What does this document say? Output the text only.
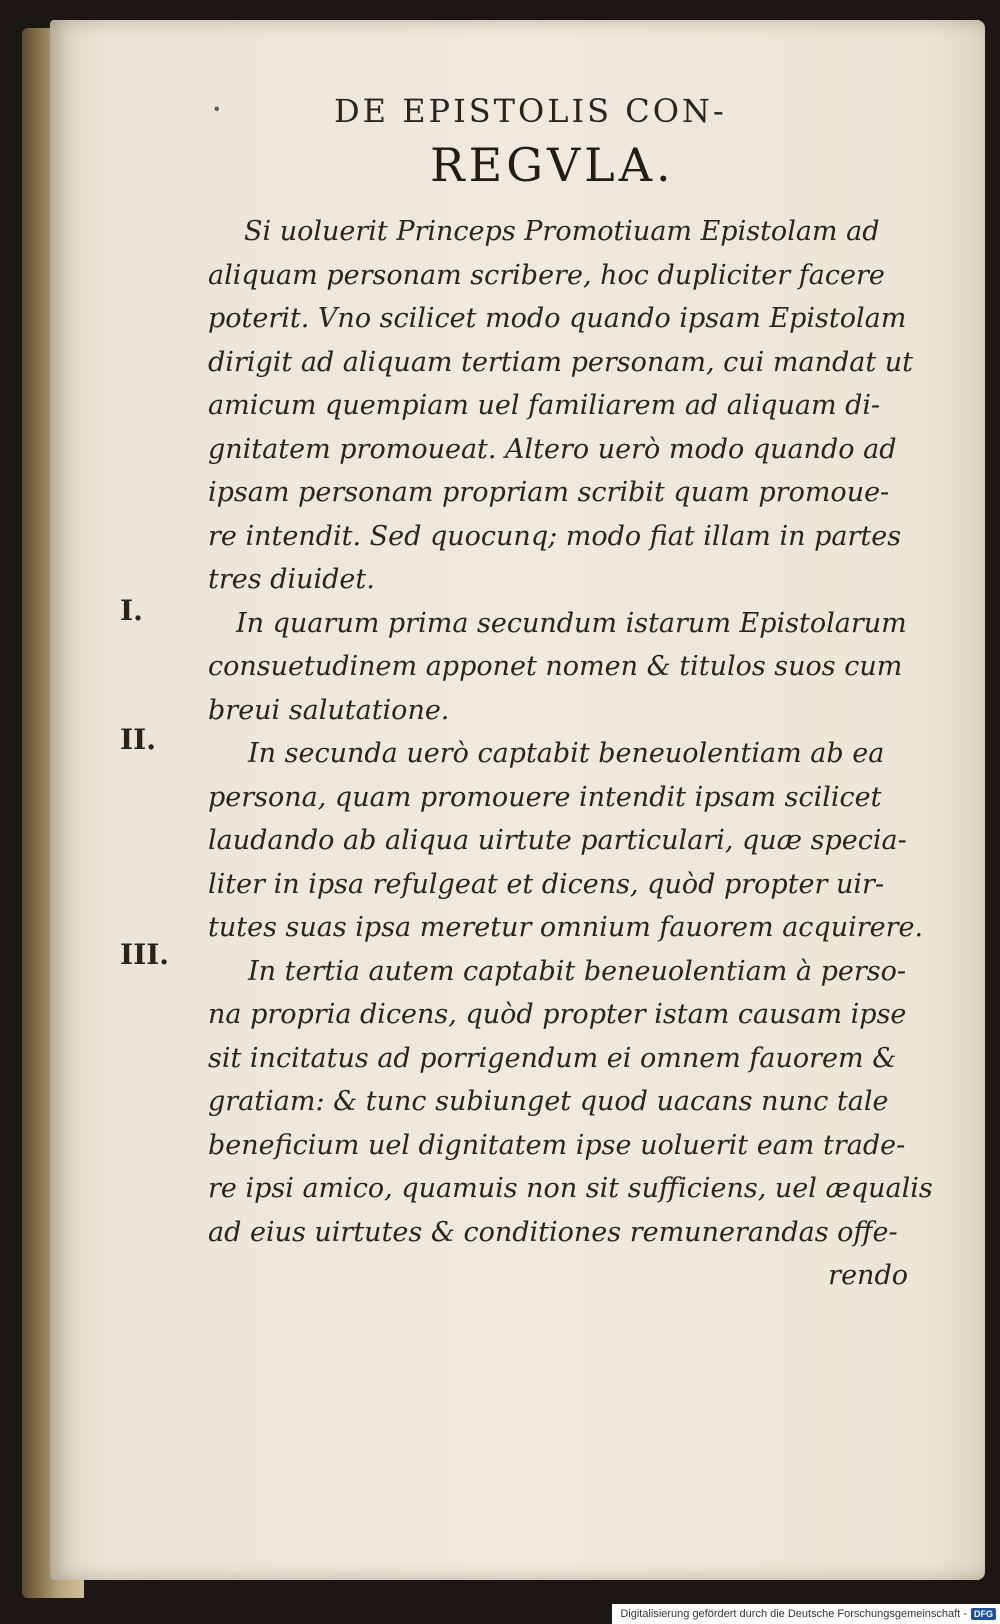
•	DE EPISTOLIS CON-
REGVLA.
I.
II.
III.
Si uoluerit Princeps Promotiuam Epistolam ad
aliquam personam scribere, hoc dupliciter facere
poterit. Vno scilicet modo quando ipsam Epistolam
dirigit ad aliquam tertiam personam, cui mandat ut
amicum quempiam uel familiarem ad aliquam di-
gnitatem promoueat. Altero uerò modo quando ad
ipsam personam propriam scribit quam promoue-
re intendit. Sed quocunq; modo fiat illam in partes
tres diuidet.
In quarum prima secundum istarum Epistolarum
consuetudinem apponet nomen & titulos suos cum
breui salutatione.
In secunda uerò captabit beneuolentiam ab ea
persona, quam promouere intendit ipsam scilicet
laudando ab aliqua uirtute particulari, quæ specia-
liter in ipsa refulgeat et dicens, quòd propter uir-
tutes suas ipsa meretur omnium fauorem acquirere.
In tertia autem captabit beneuolentiam à perso-
na propria dicens, quòd propter istam causam ipse
sit incitatus ad porrigendum ei omnem fauorem &
gratiam: & tunc subiunget quod uacans nunc tale
beneficium uel dignitatem ipse uoluerit eam trade-
re ipsi amico, quamuis non sit sufficiens, uel æqualis
ad eius uirtutes & conditiones remunerandas offe-
rendo
Digitalisierung gefördert durch die Deutsche Forschungsgemeinschaft - DFG
